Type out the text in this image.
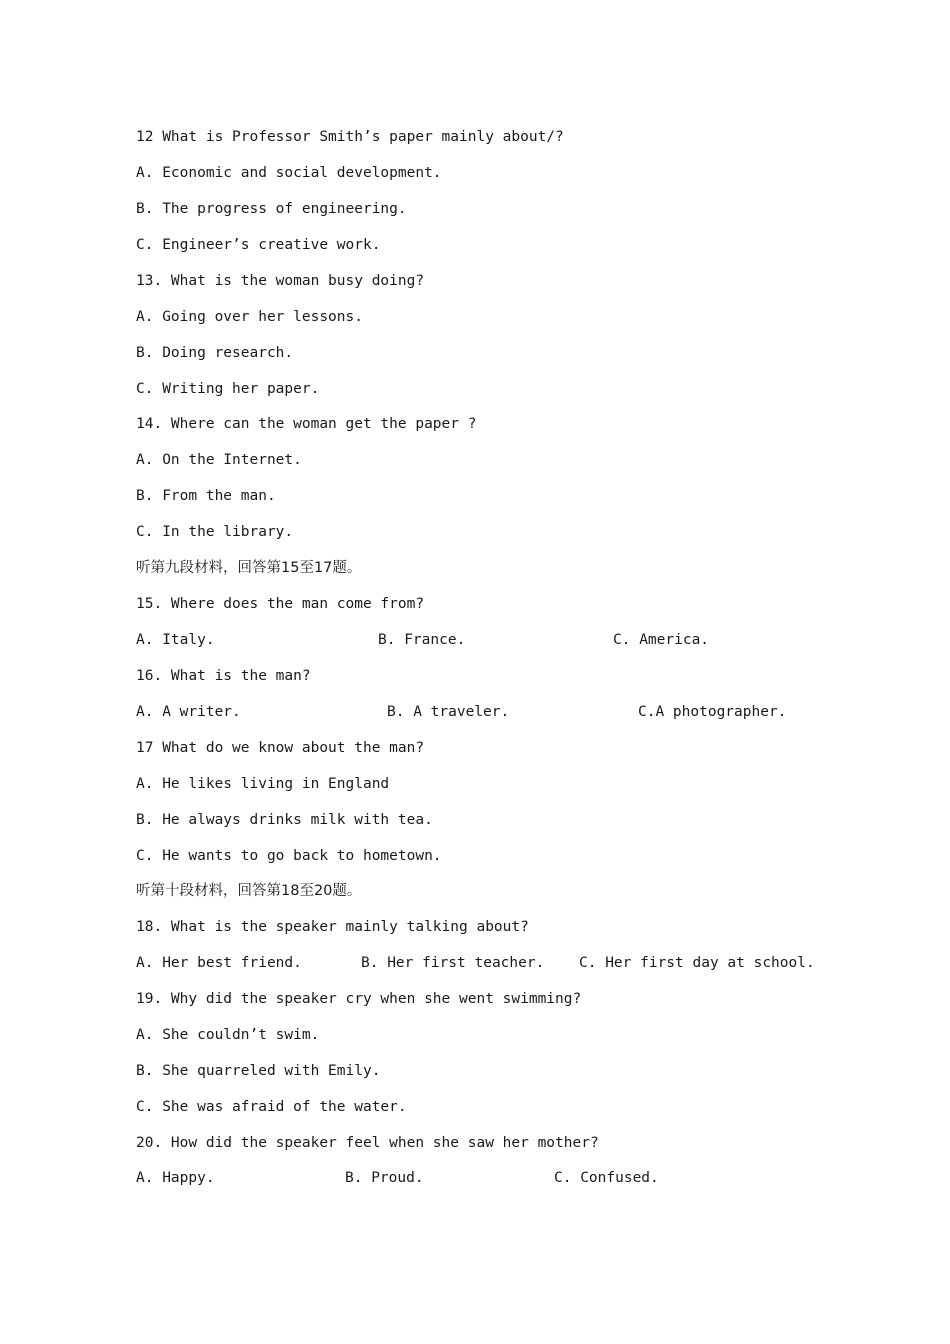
12 What is Professor Smith’s paper mainly about/?
A. Economic and social development.
B. The progress of engineering.
C. Engineer’s creative work.
13. What is the woman busy doing?
A. Going over her lessons.
B. Doing research.
C. Writing her paper.
14. Where can the woman get the paper ?
A. On the Internet.
B. From the man.
C. In the library.
听第九段材料，回答第15至17题。
15. Where does the man come from?
A. Italy.	B. France.	C. America.
16. What is the man?
A. A writer.	B. A traveler.	C.A photographer.
17 What do we know about the man?
A. He likes living in England
B. He always drinks milk with tea.
C. He wants to go back to hometown.
听第十段材料，回答第18至20题。
18. What is the speaker mainly talking about?
A. Her best friend.	B. Her first teacher. C. Her first day at school.
19. Why did the speaker cry when she went swimming?
A. She couldn’t swim.
B. She quarreled with Emily.
C. She was afraid of the water.
20. How did the speaker feel when she saw her mother?
A. Happy.	B. Proud.	C. Confused.
